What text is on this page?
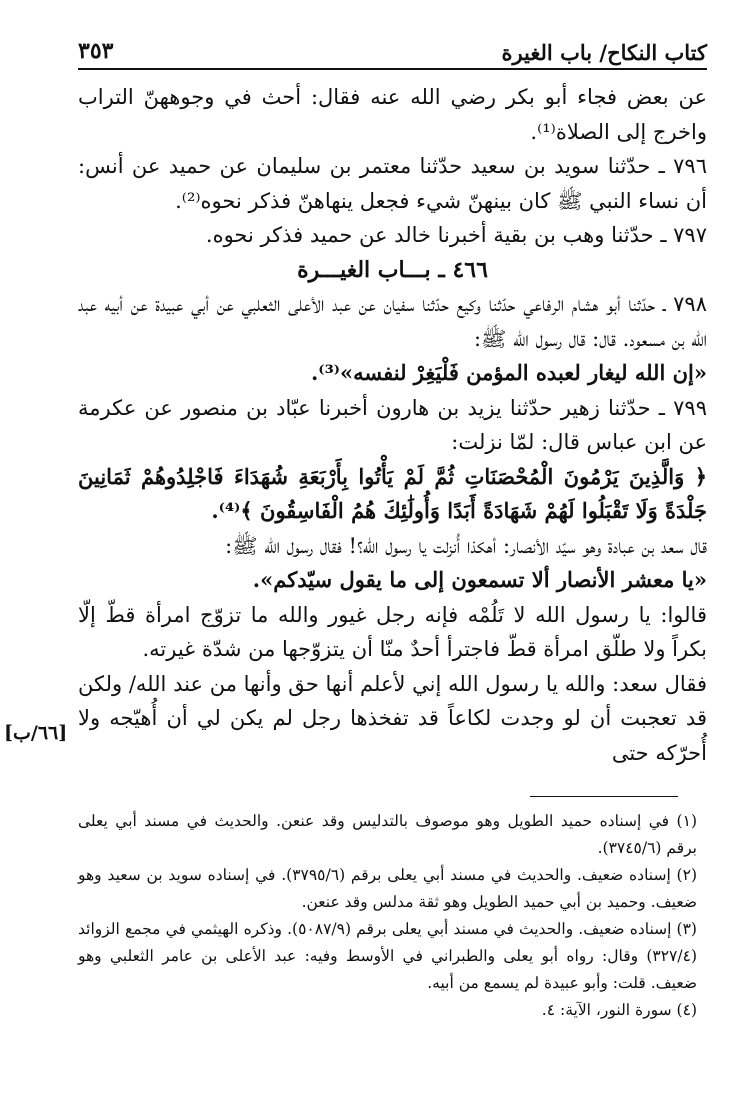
كتاب النكاح/ باب الغيرة
٣٥٣

عن بعض فجاء أبو بكر رضي الله عنه فقال: أحث في وجوههنّ التراب واخرج إلى الصلاة⁽¹⁾.

٧٩٦ ـ حدّثنا سويد بن سعيد حدّثنا معتمر بن سليمان عن حميد عن أنس: أن نساء النبي ﷺ كان بينهنّ شيء فجعل ينهاهنّ فذكر نحوه⁽²⁾.

٧٩٧ ـ حدّثنا وهب بن بقية أخبرنا خالد عن حميد فذكر نحوه.

٤٦٦ ـ بـــاب الغيـــرة

٧٩٨ ـ حدّثنا أبو هشام الرفاعي حدّثنا وكيع حدّثنا سفيان عن عبد الأعلى الثعلبي عن أبي عبيدة عن أبيه عبد الله بن مسعود. قال: قال رسول الله ﷺ:

«إن الله ليغار لعبده المؤمن فَلْيَغِرْ لنفسه»⁽³⁾.

٧٩٩ ـ حدّثنا زهير حدّثنا يزيد بن هارون أخبرنا عبّاد بن منصور عن عكرمة عن ابن عباس قال: لمّا نزلت:

﴿ وَالَّذِينَ يَرْمُونَ الْمُحْصَنَاتِ ثُمَّ لَمْ يَأْتُوا بِأَرْبَعَةِ شُهَدَاءَ فَاجْلِدُوهُمْ ثَمَانِينَ جَلْدَةً وَلَا تَقْبَلُوا لَهُمْ شَهَادَةً أَبَدًا وَأُولَٰئِكَ هُمُ الْفَاسِقُونَ ﴾⁽⁴⁾.

قال سعد بن عبادة وهو سيّد الأنصار: أهكذا أُنزلت يا رسول الله؟! فقال رسول الله ﷺ:

«يا معشر الأنصار ألا تسمعون إلى ما يقول سيّدكم».

قالوا: يا رسول الله لا تَلُمْه فإنه رجل غيور والله ما تزوّج امرأة قطّ إلّا بكراً ولا طلّق امرأة قطّ فاجترأ أحدٌ منّا أن يتزوّجها من شدّة غيرته.

فقال سعد: والله يا رسول الله إني لأعلم أنها حق وأنها من عند الله/ ولكن قد تعجبت أن لو وجدت لكاعاً قد تفخذها رجل لم يكن لي أن أُهيّجه ولا أُحرّكه حتى

[٦٦/ب]

(١) في إسناده حميد الطويل وهو موصوف بالتدليس وقد عنعن. والحديث في مسند أبي يعلى برقم (٣٧٤٥/٦).

(٢) إسناده ضعيف. والحديث في مسند أبي يعلى برقم (٣٧٩٥/٦). في إسناده سويد بن سعيد وهو ضعيف. وحميد بن أبي حميد الطويل وهو ثقة مدلس وقد عنعن.

(٣) إسناده ضعيف. والحديث في مسند أبي يعلى برقم (٥٠٨٧/٩). وذكره الهيثمي في مجمع الزوائد (٣٢٧/٤) وقال: رواه أبو يعلى والطبراني في الأوسط وفيه: عبد الأعلى بن عامر الثعلبي وهو ضعيف. قلت: وأبو عبيدة لم يسمع من أبيه.

(٤) سورة النور، الآية: ٤.
